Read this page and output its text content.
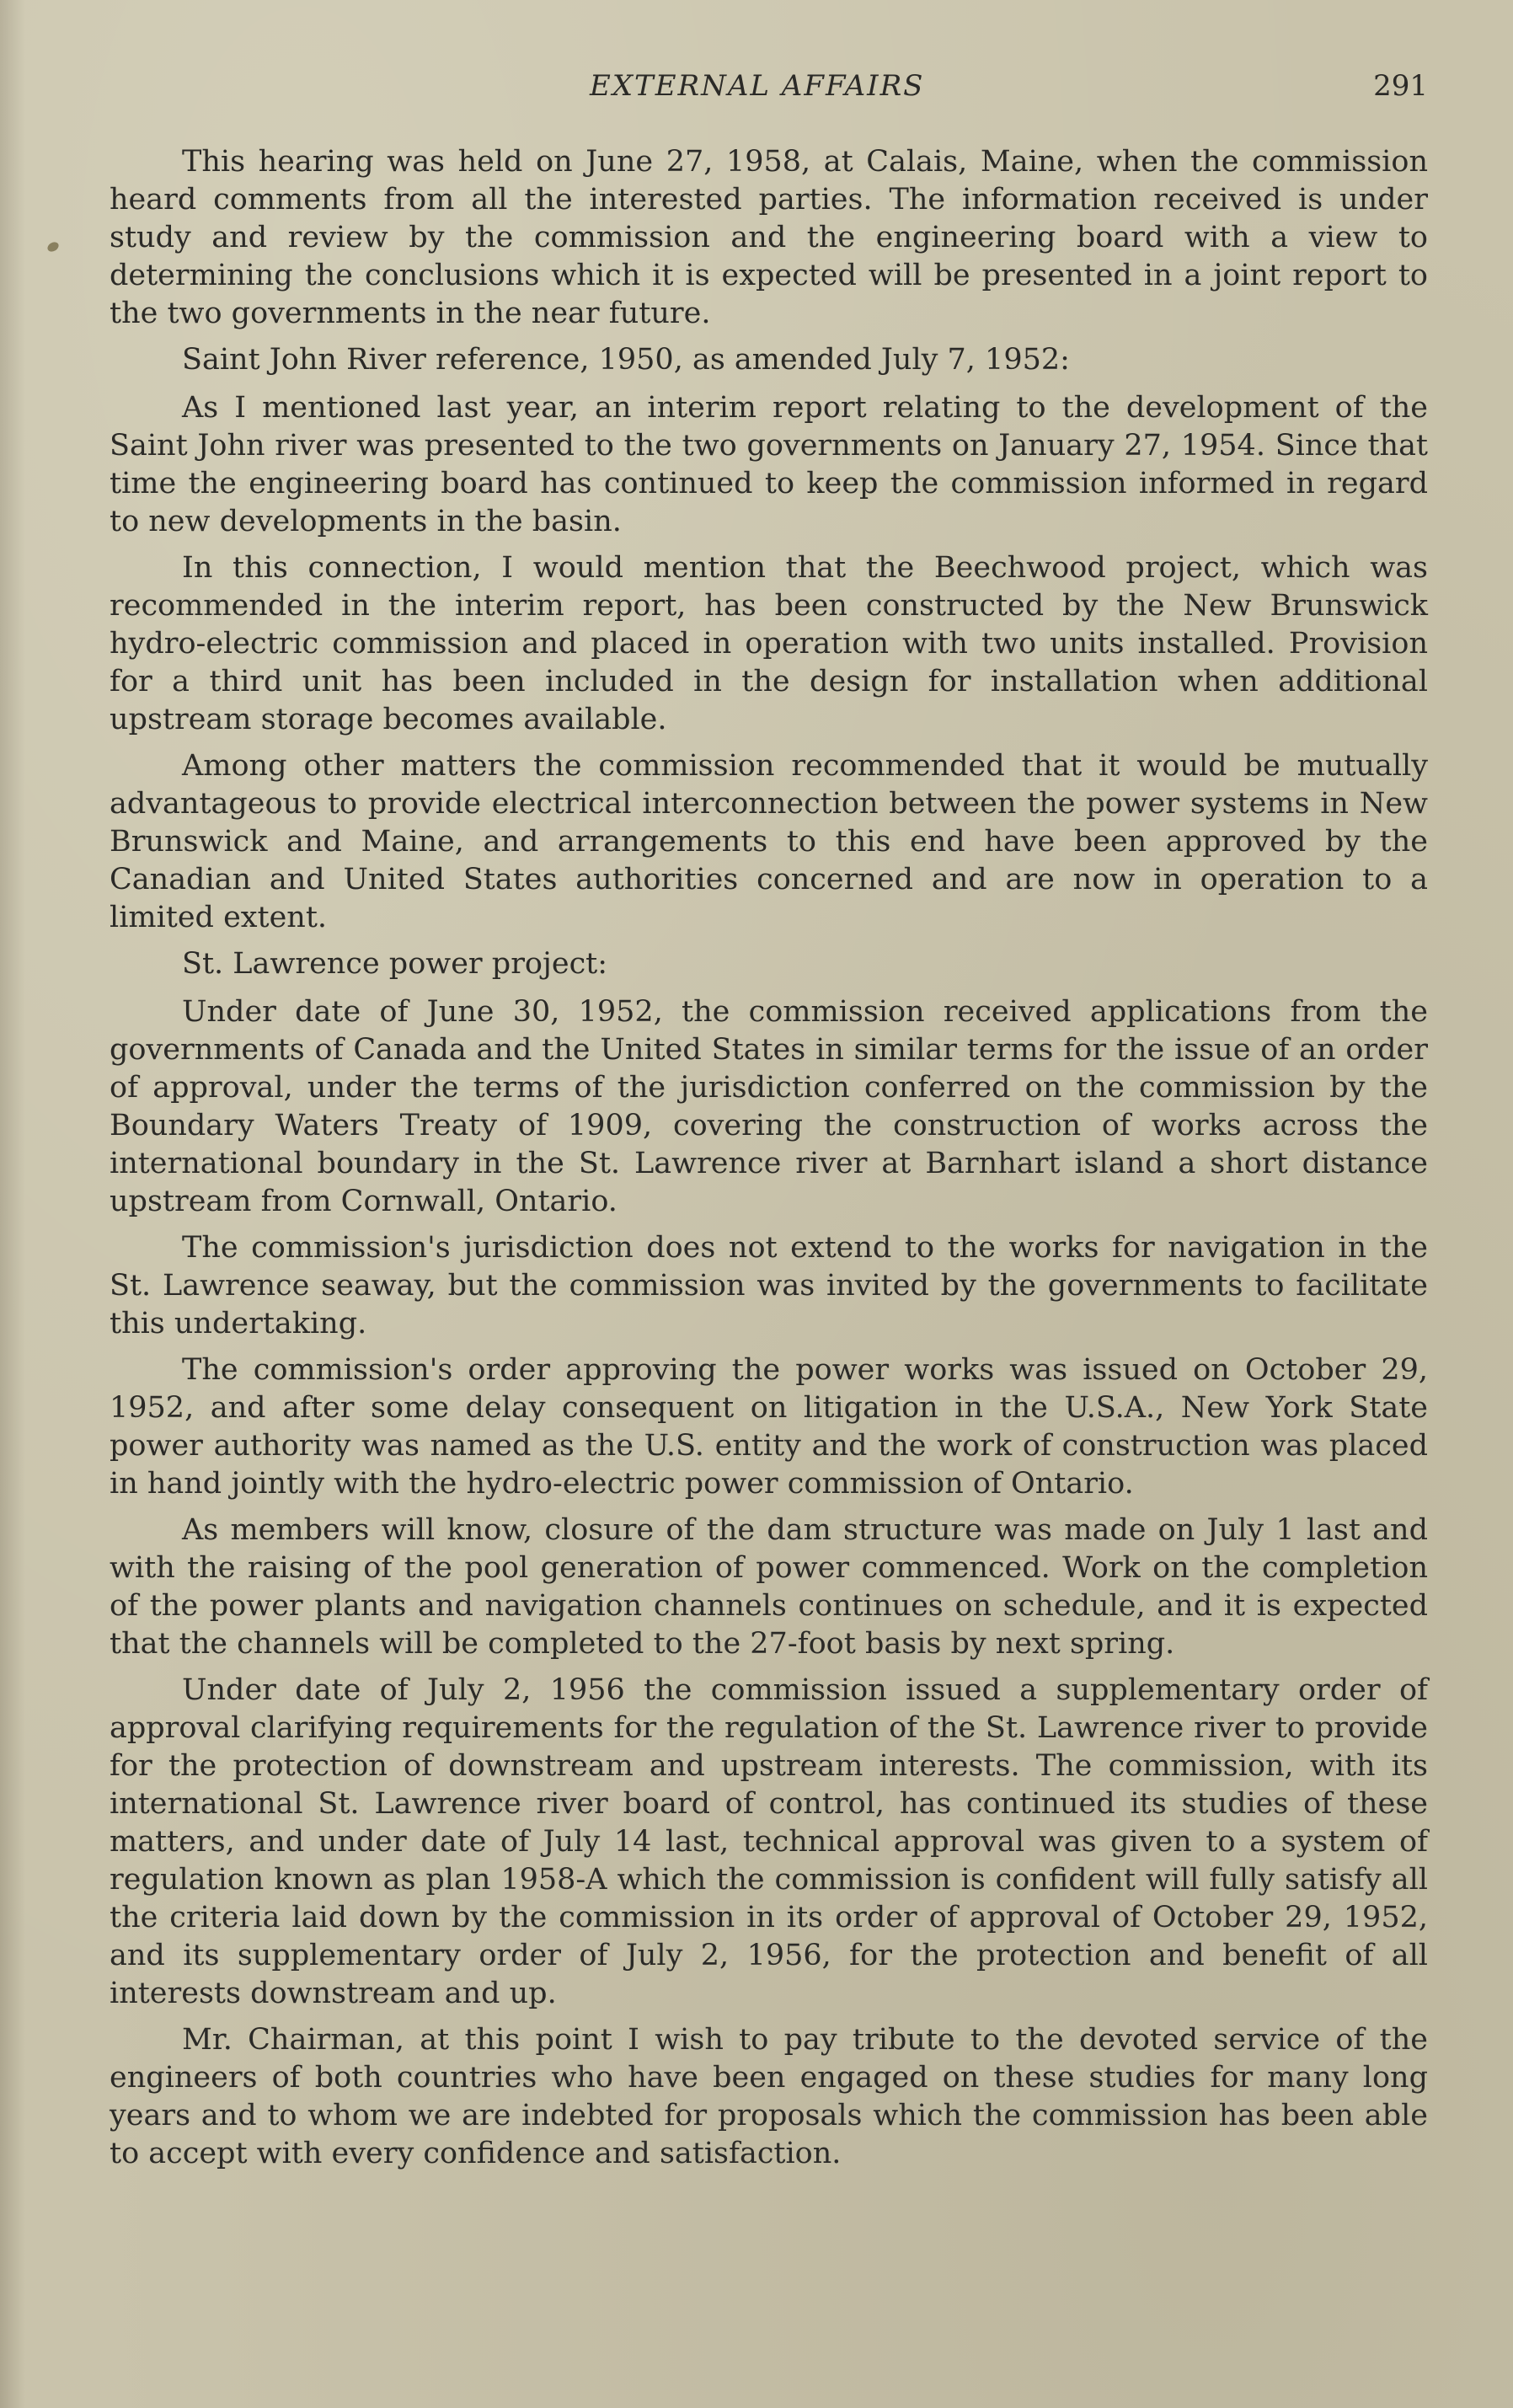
EXTERNAL AFFAIRS	291

This hearing was held on June 27, 1958, at Calais, Maine, when the commission heard comments from all the interested parties. The information received is under study and review by the commission and the engineering board with a view to determining the conclusions which it is expected will be presented in a joint report to the two governments in the near future.

Saint John River reference, 1950, as amended July 7, 1952:

As I mentioned last year, an interim report relating to the development of the Saint John river was presented to the two governments on January 27, 1954. Since that time the engineering board has continued to keep the commission informed in regard to new developments in the basin.

In this connection, I would mention that the Beechwood project, which was recommended in the interim report, has been constructed by the New Brunswick hydro-electric commission and placed in operation with two units installed. Provision for a third unit has been included in the design for installation when additional upstream storage becomes available.

Among other matters the commission recommended that it would be mutually advantageous to provide electrical interconnection between the power systems in New Brunswick and Maine, and arrangements to this end have been approved by the Canadian and United States authorities concerned and are now in operation to a limited extent.

St. Lawrence power project:

Under date of June 30, 1952, the commission received applications from the governments of Canada and the United States in similar terms for the issue of an order of approval, under the terms of the jurisdiction conferred on the commission by the Boundary Waters Treaty of 1909, covering the construction of works across the international boundary in the St. Lawrence river at Barnhart island a short distance upstream from Cornwall, Ontario.

The commission's jurisdiction does not extend to the works for navigation in the St. Lawrence seaway, but the commission was invited by the governments to facilitate this undertaking.

The commission's order approving the power works was issued on October 29, 1952, and after some delay consequent on litigation in the U.S.A., New York State power authority was named as the U.S. entity and the work of construction was placed in hand jointly with the hydro-electric power commission of Ontario.

As members will know, closure of the dam structure was made on July 1 last and with the raising of the pool generation of power commenced. Work on the completion of the power plants and navigation channels continues on schedule, and it is expected that the channels will be completed to the 27-foot basis by next spring.

Under date of July 2, 1956 the commission issued a supplementary order of approval clarifying requirements for the regulation of the St. Lawrence river to provide for the protection of downstream and upstream interests. The commission, with its international St. Lawrence river board of control, has continued its studies of these matters, and under date of July 14 last, technical approval was given to a system of regulation known as plan 1958-A which the commission is confident will fully satisfy all the criteria laid down by the commission in its order of approval of October 29, 1952, and its supplementary order of July 2, 1956, for the protection and benefit of all interests downstream and up.

Mr. Chairman, at this point I wish to pay tribute to the devoted service of the engineers of both countries who have been engaged on these studies for many long years and to whom we are indebted for proposals which the commission has been able to accept with every confidence and satisfaction.
